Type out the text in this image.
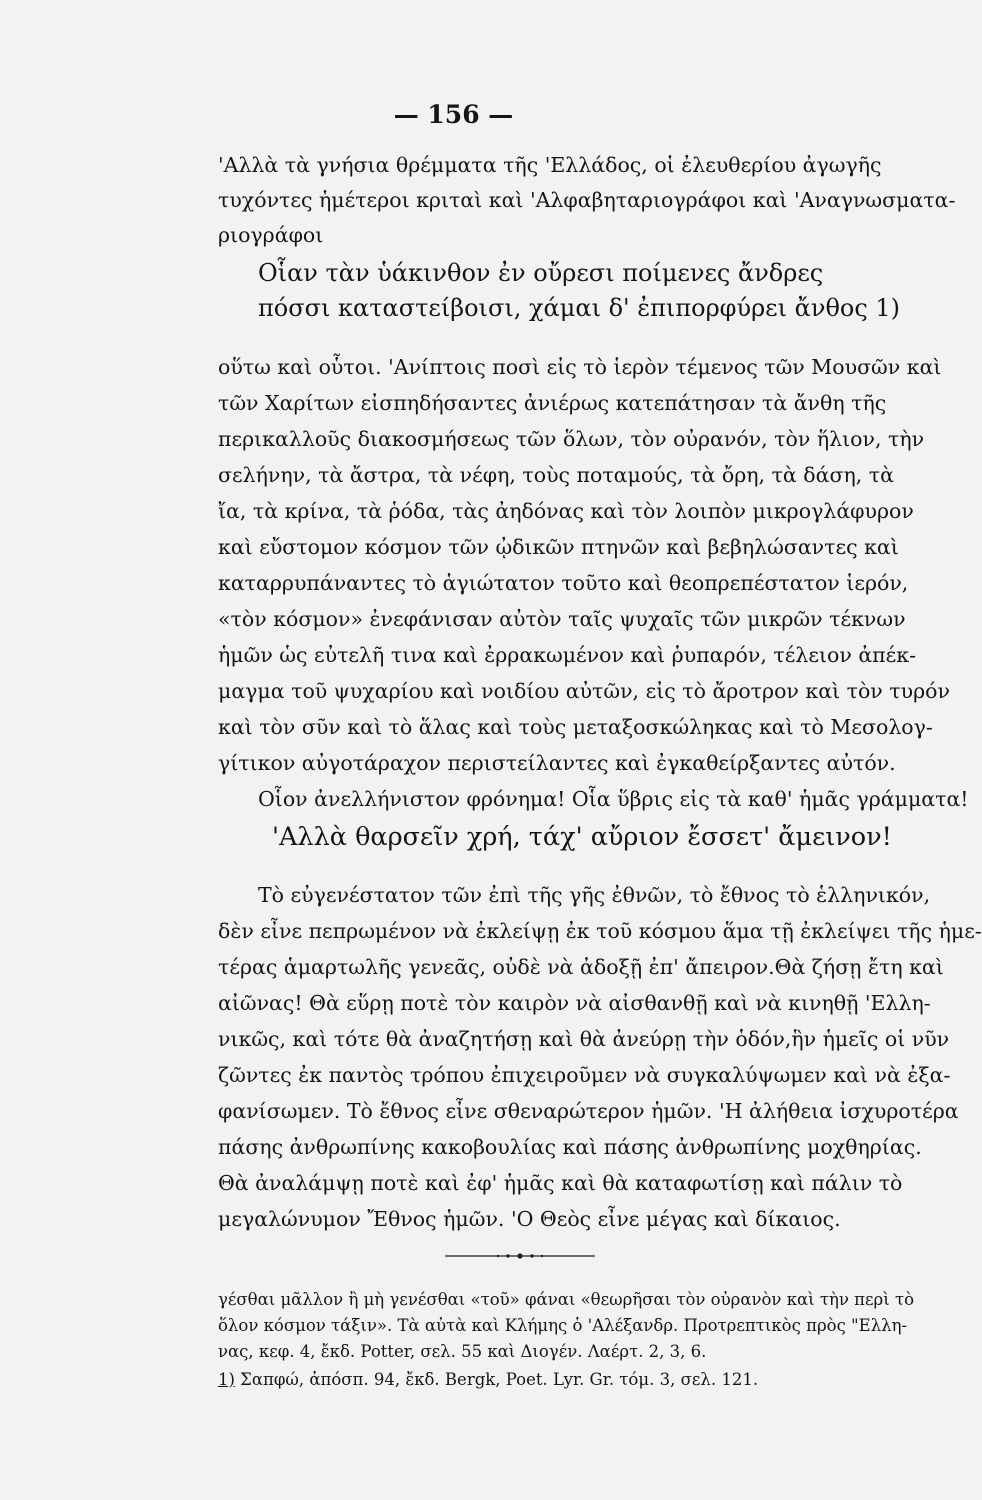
— 156 —
'Αλλὰ τὰ γνήσια θρέμματα τῆς 'Ελλάδος, οἱ ἐλευθερίου ἀγωγῆς
τυχόντες ἡμέτεροι κριταὶ καὶ 'Αλφαβηταριογράφοι καὶ 'Αναγνωσματα-
ριογράφοι
Οἷαν τὰν ὑάκινθον ἐν οὔρεσι ποίμενες ἄνδρες
πόσσι καταστείβοισι, χάμαι δ' ἐπιπορφύρει ἄνθος 1)
οὕτω καὶ οὗτοι. 'Ανίπτοις ποσὶ εἰς τὸ ἱερὸν τέμενος τῶν Μουσῶν καὶ
τῶν Χαρίτων εἰσπηδήσαντες ἀνιέρως κατεπάτησαν τὰ ἄνθη τῆς
περικαλλοῦς διακοσμήσεως τῶν ὅλων, τὸν οὐρανόν, τὸν ἥλιον, τὴν
σελήνην, τὰ ἄστρα, τὰ νέφη, τοὺς ποταμούς, τὰ ὄρη, τὰ δάση, τὰ
ἴα, τὰ κρίνα, τὰ ῥόδα, τὰς ἀηδόνας καὶ τὸν λοιπὸν μικρογλάφυρον
καὶ εὔστομον κόσμον τῶν ᾠδικῶν πτηνῶν καὶ βεβηλώσαντες καὶ
καταρρυπάναντες τὸ ἁγιώτατον τοῦτο καὶ θεοπρεπέστατον ἱερόν,
«τὸν κόσμον» ἐνεφάνισαν αὐτὸν ταῖς ψυχαῖς τῶν μικρῶν τέκνων
ἡμῶν ὡς εὐτελῆ τινα καὶ ἐρρακωμένον καὶ ῥυπαρόν, τέλειον ἀπέκ-
μαγμα τοῦ ψυχαρίου καὶ νοιδίου αὐτῶν, εἰς τὸ ἄροτρον καὶ τὸν τυρόν
καὶ τὸν σῦν καὶ τὸ ἅλας καὶ τοὺς μεταξοσκώληκας καὶ τὸ Μεσολογ-
γίτικον αὐγοτάραχον περιστείλαντες καὶ ἐγκαθείρξαντες αὐτόν.
Οἷον ἀνελλήνιστον φρόνημα! Οἷα ὕβρις εἰς τὰ καθ' ἡμᾶς γράμματα!
'Αλλὰ θαρσεῖν χρή, τάχ' αὔριον ἔσσετ' ἄμεινον!
Τὸ εὐγενέστατον τῶν ἐπὶ τῆς γῆς ἐθνῶν, τὸ ἔθνος τὸ ἑλληνικόν,
δὲν εἶνε πεπρωμένον νὰ ἐκλείψῃ ἐκ τοῦ κόσμου ἅμα τῇ ἐκλείψει τῆς ἡμε-
τέρας ἁμαρτωλῆς γενεᾶς, οὐδὲ νὰ ἀδοξῇ ἐπ' ἄπειρον.Θὰ ζήσῃ ἔτη καὶ
αἰῶνας! Θὰ εὕρῃ ποτὲ τὸν καιρὸν νὰ αἰσθανθῇ καὶ νὰ κινηθῇ 'Ελλη-
νικῶς, καὶ τότε θὰ ἀναζητήσῃ καὶ θὰ ἀνεύρῃ τὴν ὁδόν,ἣν ἡμεῖς οἱ νῦν
ζῶντες ἐκ παντὸς τρόπου ἐπιχειροῦμεν νὰ συγκαλύψωμεν καὶ νὰ ἐξα-
φανίσωμεν. Τὸ ἔθνος εἶνε σθεναρώτερον ἡμῶν. 'Η ἀλήθεια ἰσχυροτέρα
πάσης ἀνθρωπίνης κακοβουλίας καὶ πάσης ἀνθρωπίνης μοχθηρίας.
Θὰ ἀναλάμψῃ ποτὲ καὶ ἐφ' ἡμᾶς καὶ θὰ καταφωτίσῃ καὶ πάλιν τὸ
μεγαλώνυμον Ἔθνος ἡμῶν. 'Ο Θεὸς εἶνε μέγας καὶ δίκαιος.
γέσθαι μᾶλλον ἢ μὴ γενέσθαι «τοῦ» φάναι «θεωρῆσαι τὸν οὐρανὸν καὶ τὴν περὶ τὸ
ὅλον κόσμον τάξιν». Τὰ αὐτὰ καὶ Κλήμης ὁ 'Αλέξανδρ. Προτρεπτικὸς πρὸς "Ελλη-
νας, κεφ. 4, ἔκδ. Potter, σελ. 55 καὶ Διογέν. Λαέρτ. 2, 3, 6.
1) Σαπφώ, ἀπόσπ. 94, ἔκδ. Bergk, Poet. Lyr. Gr. τόμ. 3, σελ. 121.
